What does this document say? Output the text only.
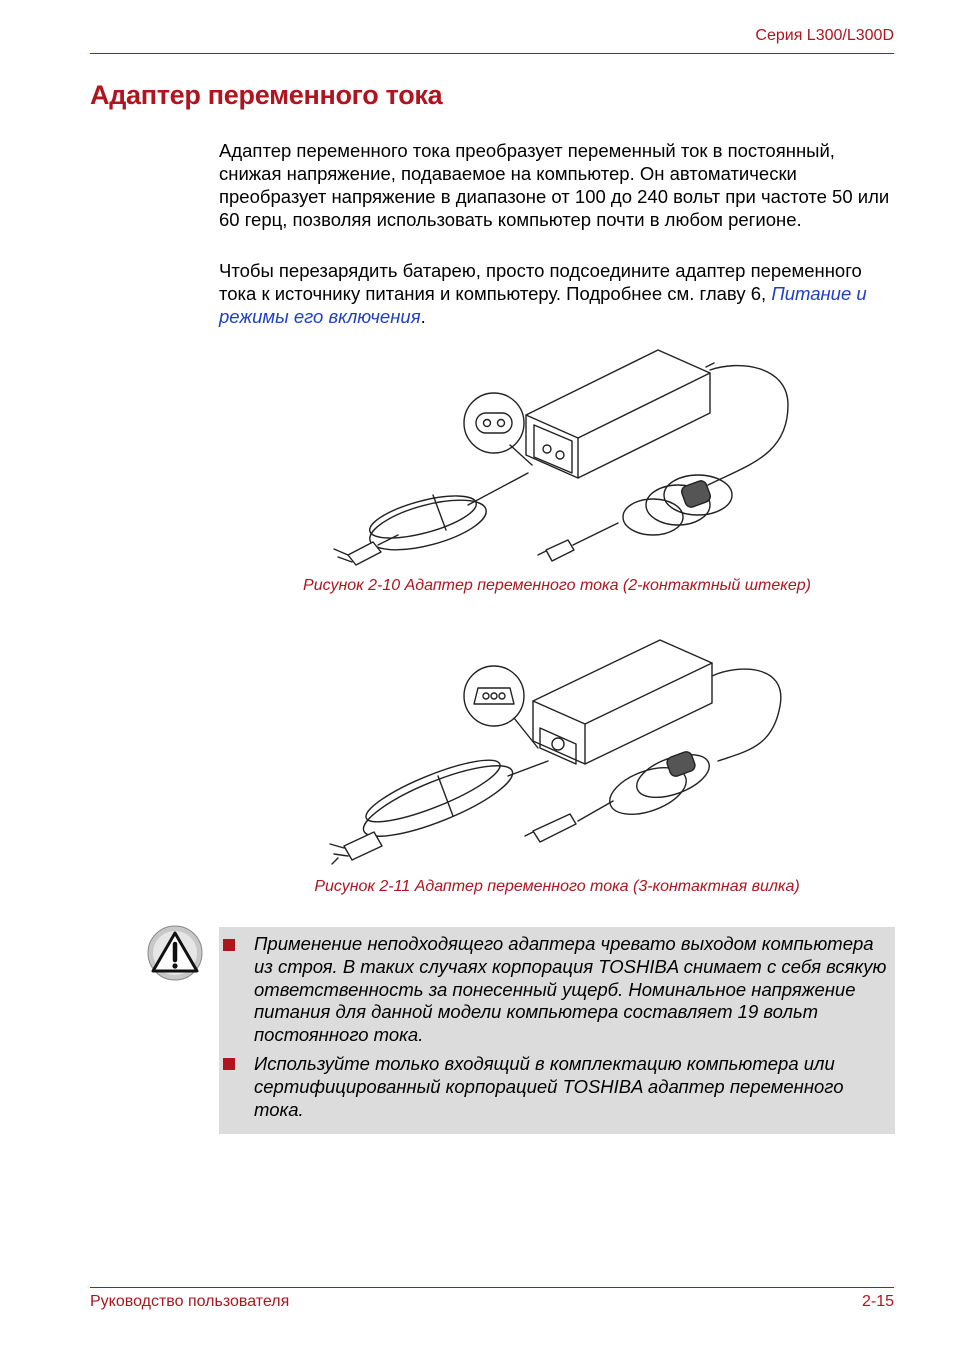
Серия L300/L300D
Адаптер переменного тока

Адаптер переменного тока преобразует переменный ток в постоянный, снижая напряжение, подаваемое на компьютер. Он автоматически преобразует напряжение в диапазоне от 100 до 240 вольт при частоте 50 или 60 герц, позволяя использовать компьютер почти в любом регионе.

Чтобы перезарядить батарею, просто подсоедините адаптер переменного тока к источнику питания и компьютеру. Подробнее см. главу 6, Питание и режимы его включения.

Рисунок 2-10 Адаптер переменного тока (2-контактный штекер)
Рисунок 2-11 Адаптер переменного тока (3-контактная вилка)

Применение неподходящего адаптера чревато выходом компьютера из строя. В таких случаях корпорация TOSHIBA снимает с себя всякую ответственность за понесенный ущерб. Номинальное напряжение питания для данной модели компьютера составляет 19 вольт постоянного тока.

Используйте только входящий в комплектацию компьютера или сертифицированный корпорацией TOSHIBA адаптер переменного тока.

Руководство пользователя	2-15
